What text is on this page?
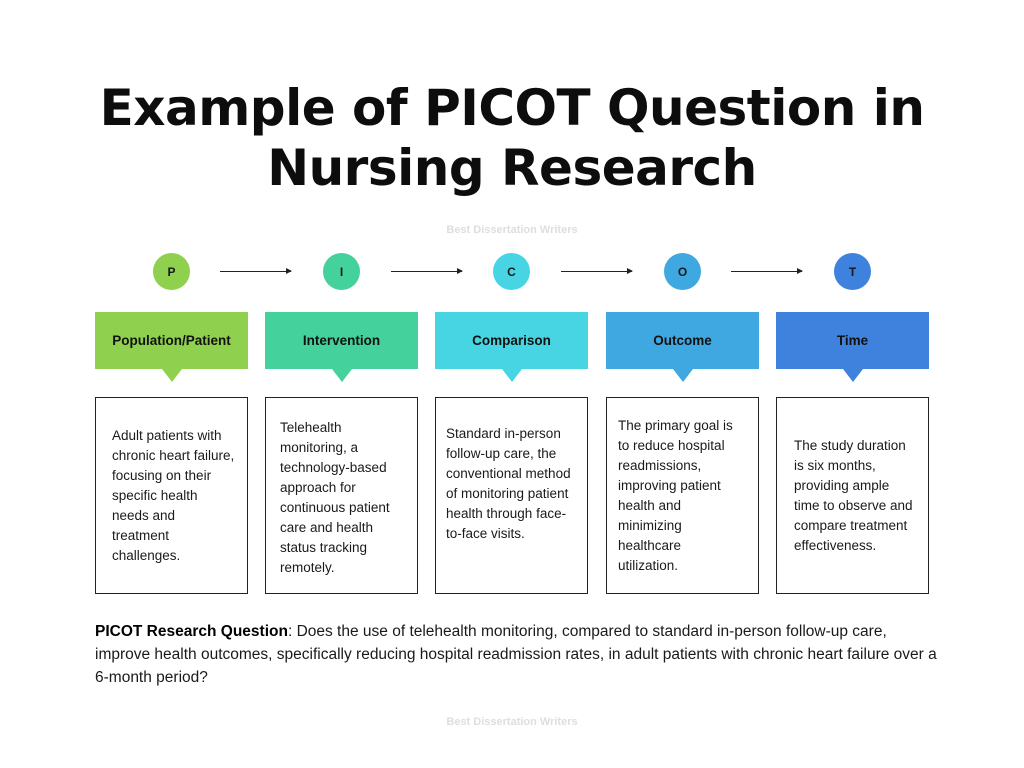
Example of PICOT Question in
Nursing Research
Best Dissertation Writers
P	I	C	O	T
Population/Patient	Intervention	Comparison	Outcome	Time

Adult patients with chronic heart failure, focusing on their specific health needs and treatment challenges.

Telehealth monitoring, a technology-based approach for continuous patient care and health status tracking remotely.

Standard in-person follow-up care, the conventional method of monitoring patient health through face-to-face visits.

The primary goal is to reduce hospital readmissions, improving patient health and minimizing healthcare utilization.

The study duration is six months, providing ample time to observe and compare treatment effectiveness.

PICOT Research Question: Does the use of telehealth monitoring, compared to standard in-person follow-up care, improve health outcomes, specifically reducing hospital readmission rates, in adult patients with chronic heart failure over a 6-month period?

Best Dissertation Writers
